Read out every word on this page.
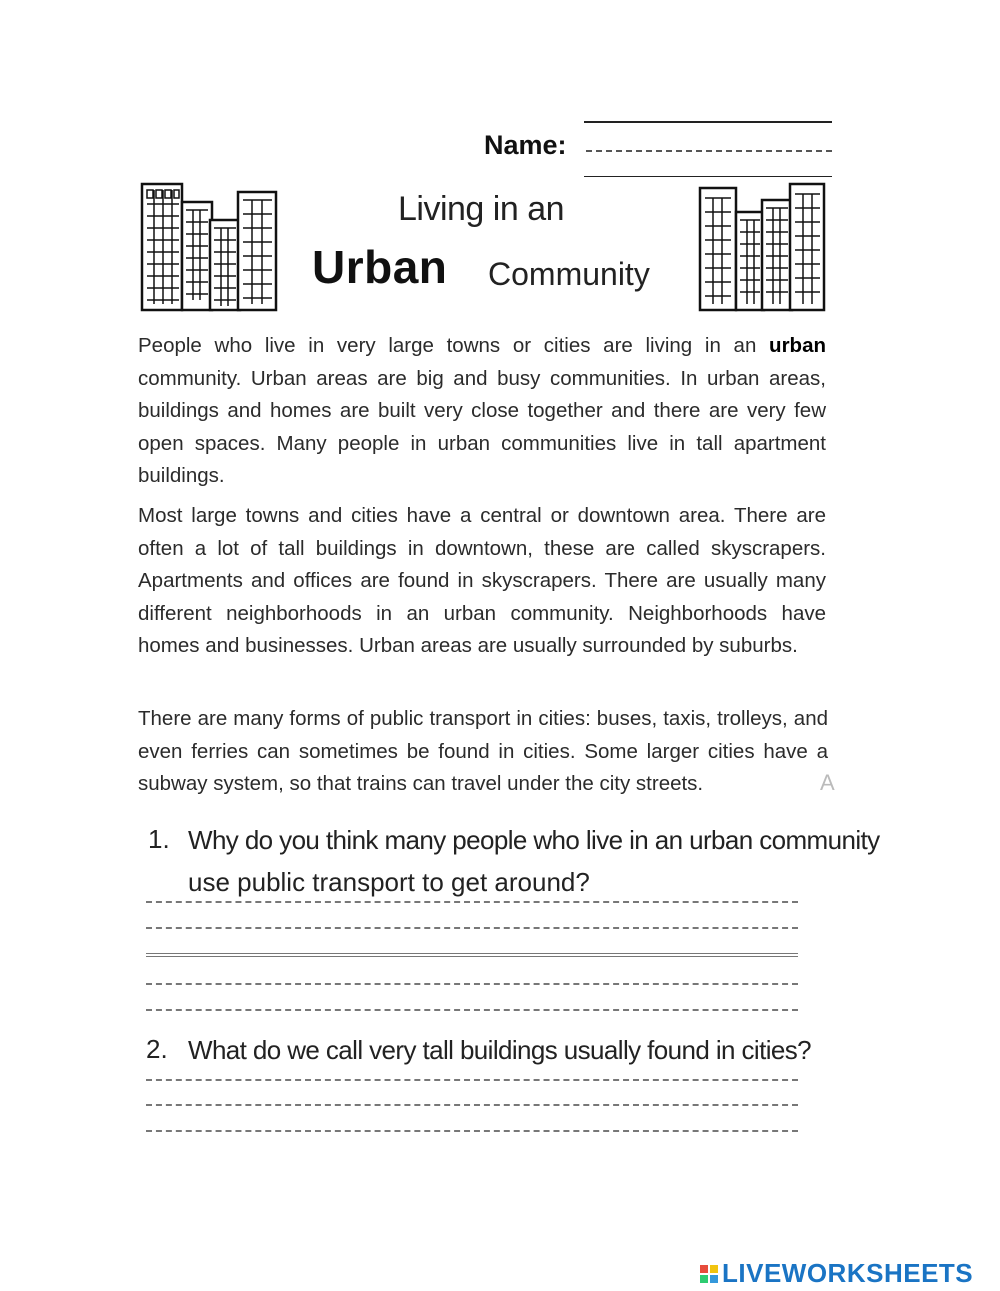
Name:
Living in an
Urban Community

People who live in very large towns or cities are living in an urban community. Urban areas are big and busy communities. In urban areas, buildings and homes are built very close together and there are very few open spaces. Many people in urban communities live in tall apartment buildings.

Most large towns and cities have a central or downtown area. There are often a lot of tall buildings in downtown, these are called skyscrapers. Apartments and offices are found in skyscrapers. There are usually many different neighborhoods in an urban community. Neighborhoods have homes and businesses. Urban areas are usually surrounded by suburbs.

There are many forms of public transport in cities: buses, taxis, trolleys, and even ferries can sometimes be found in cities. Some larger cities have a subway system, so that trains can travel under the city streets.	A
1. Why do you think many people who live in an urban community
use public transport to get around?
2. What do we call very tall buildings usually found in cities?
LIVEWORKSHEETS
